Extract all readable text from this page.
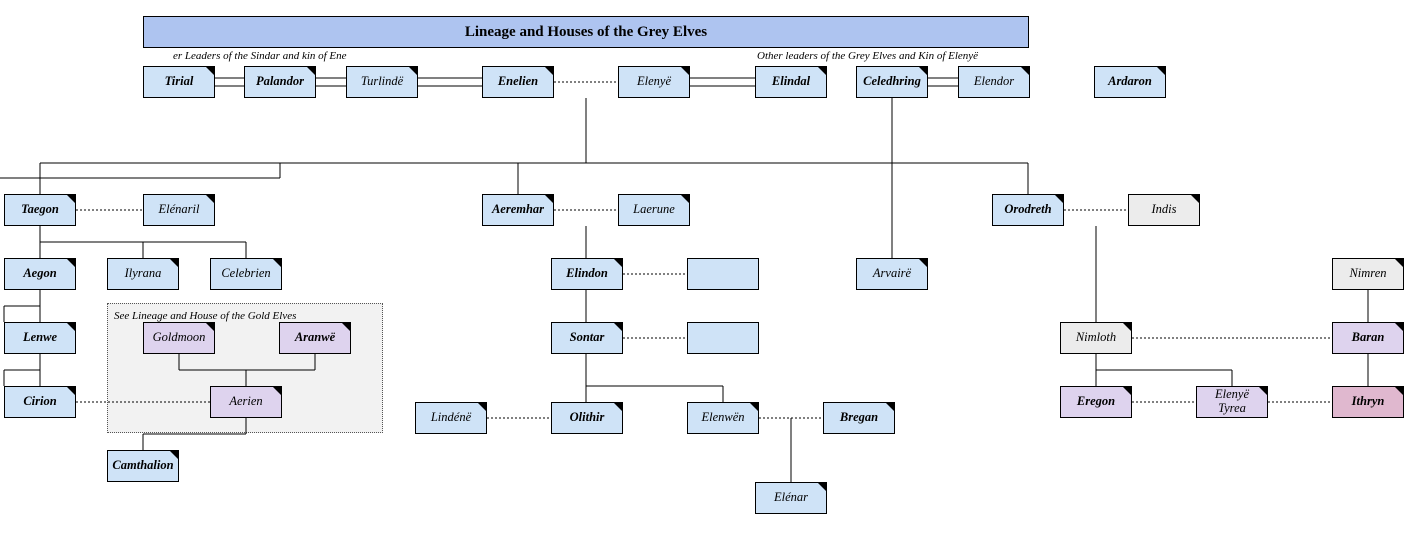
Lineage and Houses of the Grey Elves
er Leaders of the Sindar and kin of Ene	Other leaders of the Grey Elves and Kin of Elenyë
See Lineage and House of the Gold Elves
Tirial	Palandor	Turlindë	Enelien	Elenyë	Elindal	Celedhring	Elendor	Ardaron
Taegon	Elénaril	Aeremhar	Laerune	Orodreth	Indis
Aegon	Ilyrana	Celebrien	Elindon	Arvairë	Nimren
Lenwe	Goldmoon	Aranwë	Sontar	Nimloth	Baran
Cirion	Aerien
Lindénë	Olithir	Elenwën	Bregan
Eregon	Elenyë Tyrea	Ithryn
Camthalion
Elénar
